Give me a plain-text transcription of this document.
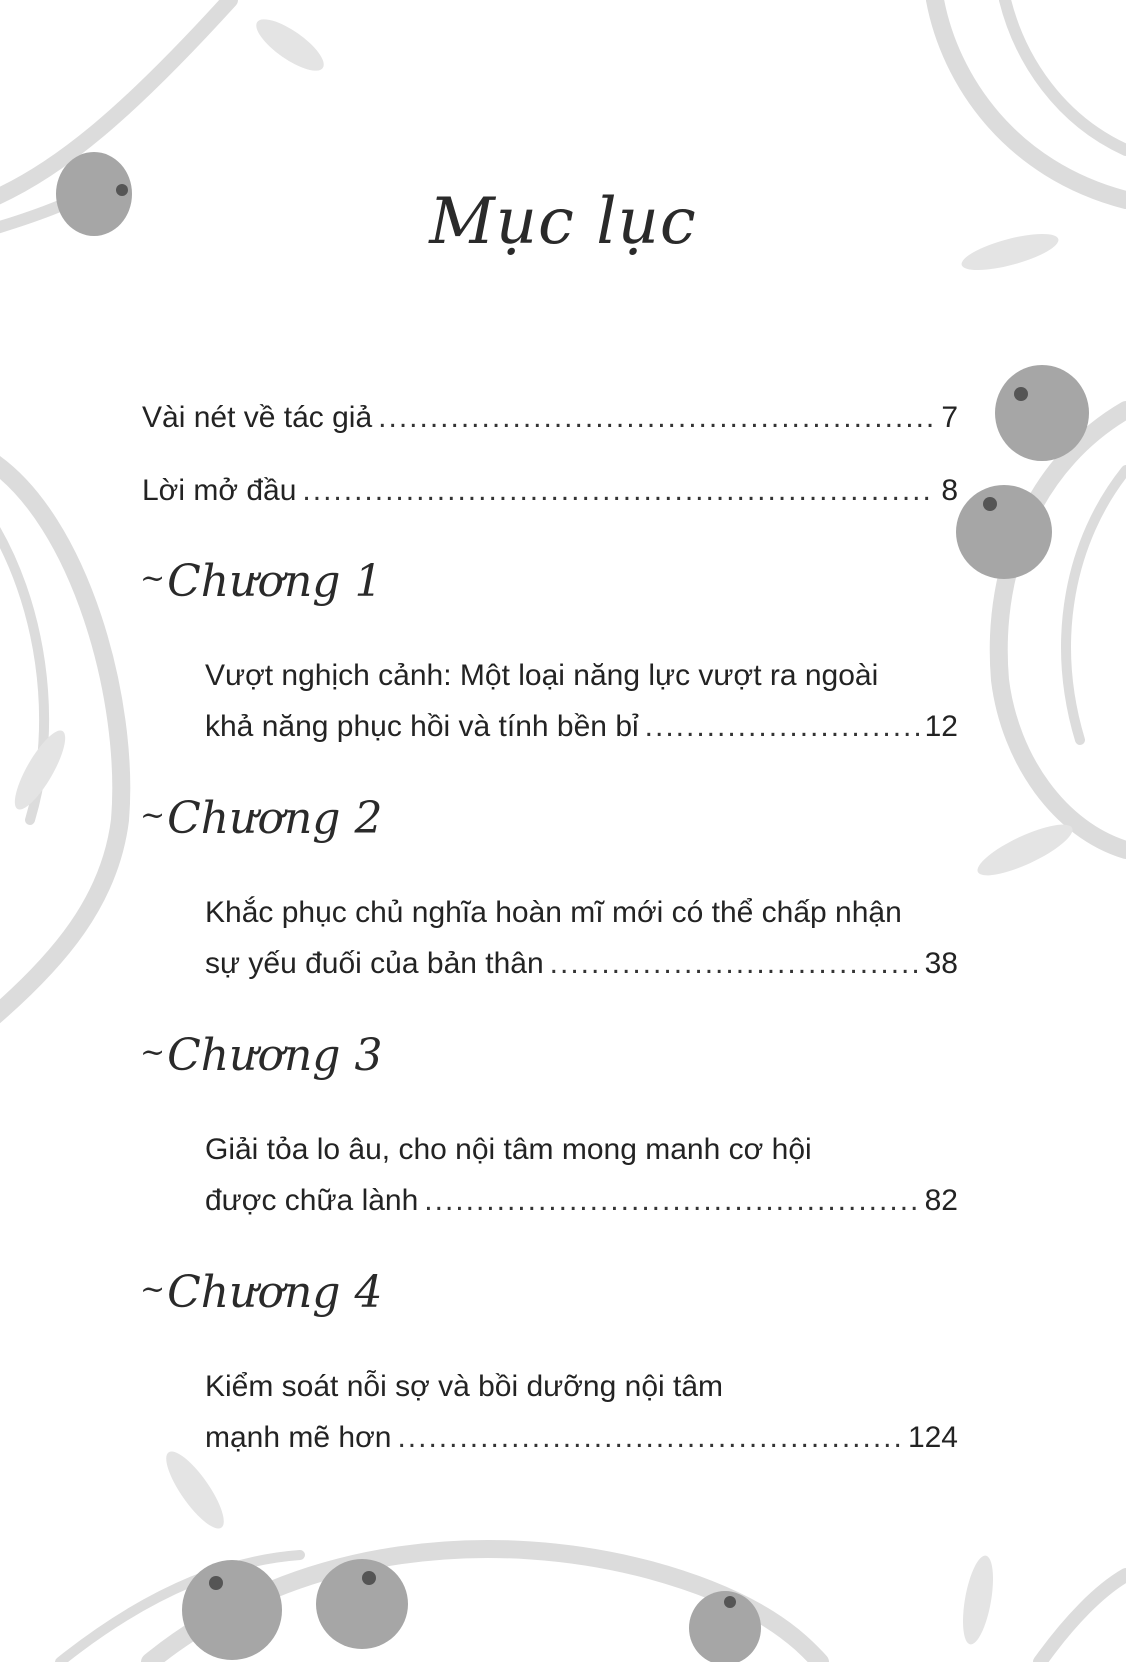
Mục lục
Vài nét về tác giả .....	7
Lời mở đầu .....	8
~Chương 1
Vượt nghịch cảnh: Một loại năng lực vượt ra ngoài
khả năng phục hồi và tính bền bỉ .....	12
~Chương 2
Khắc phục chủ nghĩa hoàn mĩ mới có thể chấp nhận
sự yếu đuối của bản thân .....	38
~Chương 3
Giải tỏa lo âu, cho nội tâm mong manh cơ hội
được chữa lành .....	82
~Chương 4
Kiểm soát nỗi sợ và bồi dưỡng nội tâm
mạnh mẽ hơn .....	124
